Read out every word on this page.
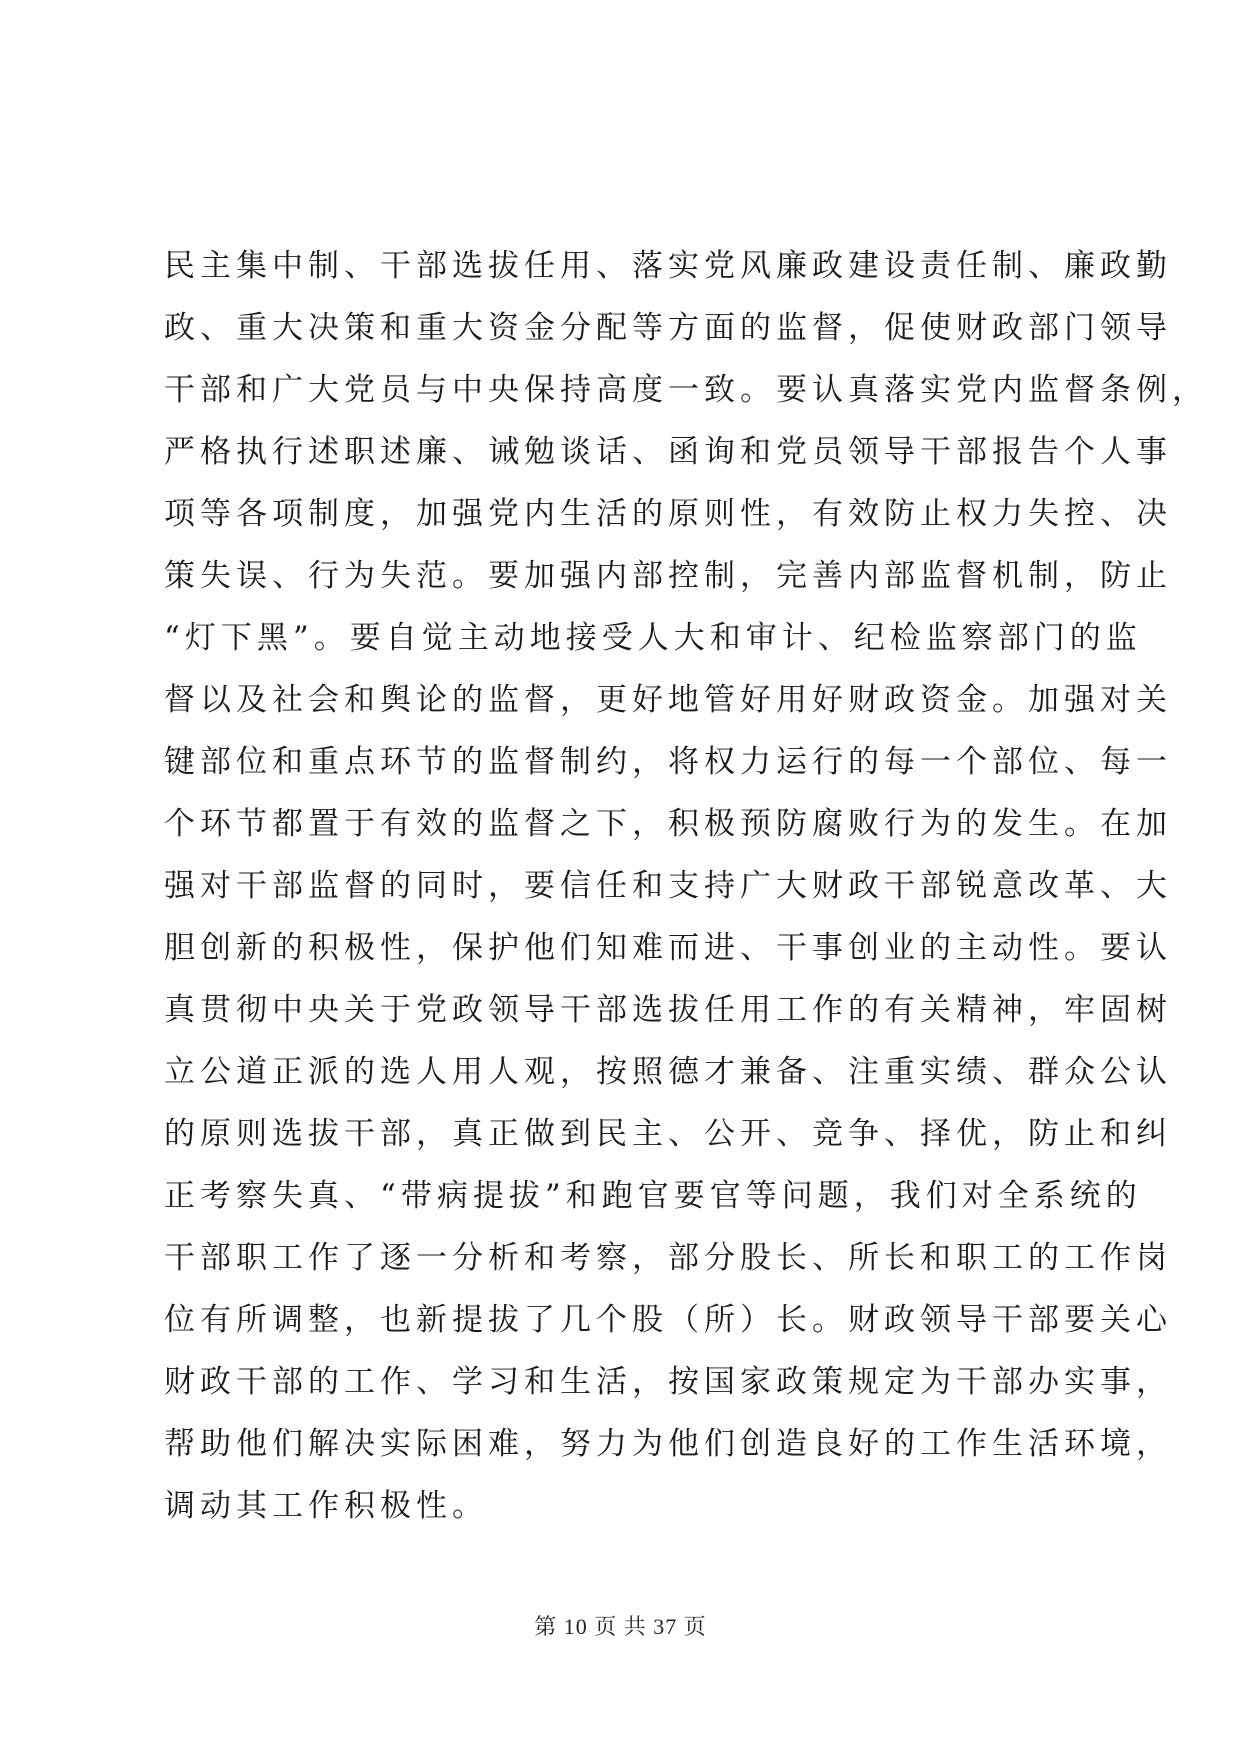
民主集中制、干部选拔任用、落实党风廉政建设责任制、廉政勤
政、重大决策和重大资金分配等方面的监督，促使财政部门领导
干部和广大党员与中央保持高度一致。要认真落实党内监督条例，
严格执行述职述廉、诫勉谈话、函询和党员领导干部报告个人事
项等各项制度，加强党内生活的原则性，有效防止权力失控、决
策失误、行为失范。要加强内部控制，完善内部监督机制，防止
“灯下黑”。要自觉主动地接受人大和审计、纪检监察部门的监
督以及社会和舆论的监督，更好地管好用好财政资金。加强对关
键部位和重点环节的监督制约，将权力运行的每一个部位、每一
个环节都置于有效的监督之下，积极预防腐败行为的发生。在加
强对干部监督的同时，要信任和支持广大财政干部锐意改革、大
胆创新的积极性，保护他们知难而进、干事创业的主动性。要认
真贯彻中央关于党政领导干部选拔任用工作的有关精神，牢固树
立公道正派的选人用人观，按照德才兼备、注重实绩、群众公认
的原则选拔干部，真正做到民主、公开、竞争、择优，防止和纠
正考察失真、“带病提拔”和跑官要官等问题，我们对全系统的
干部职工作了逐一分析和考察，部分股长、所长和职工的工作岗
位有所调整，也新提拔了几个股（所）长。财政领导干部要关心
财政干部的工作、学习和生活，按国家政策规定为干部办实事，
帮助他们解决实际困难，努力为他们创造良好的工作生活环境，
调动其工作积极性。
第 10 页 共 37 页
